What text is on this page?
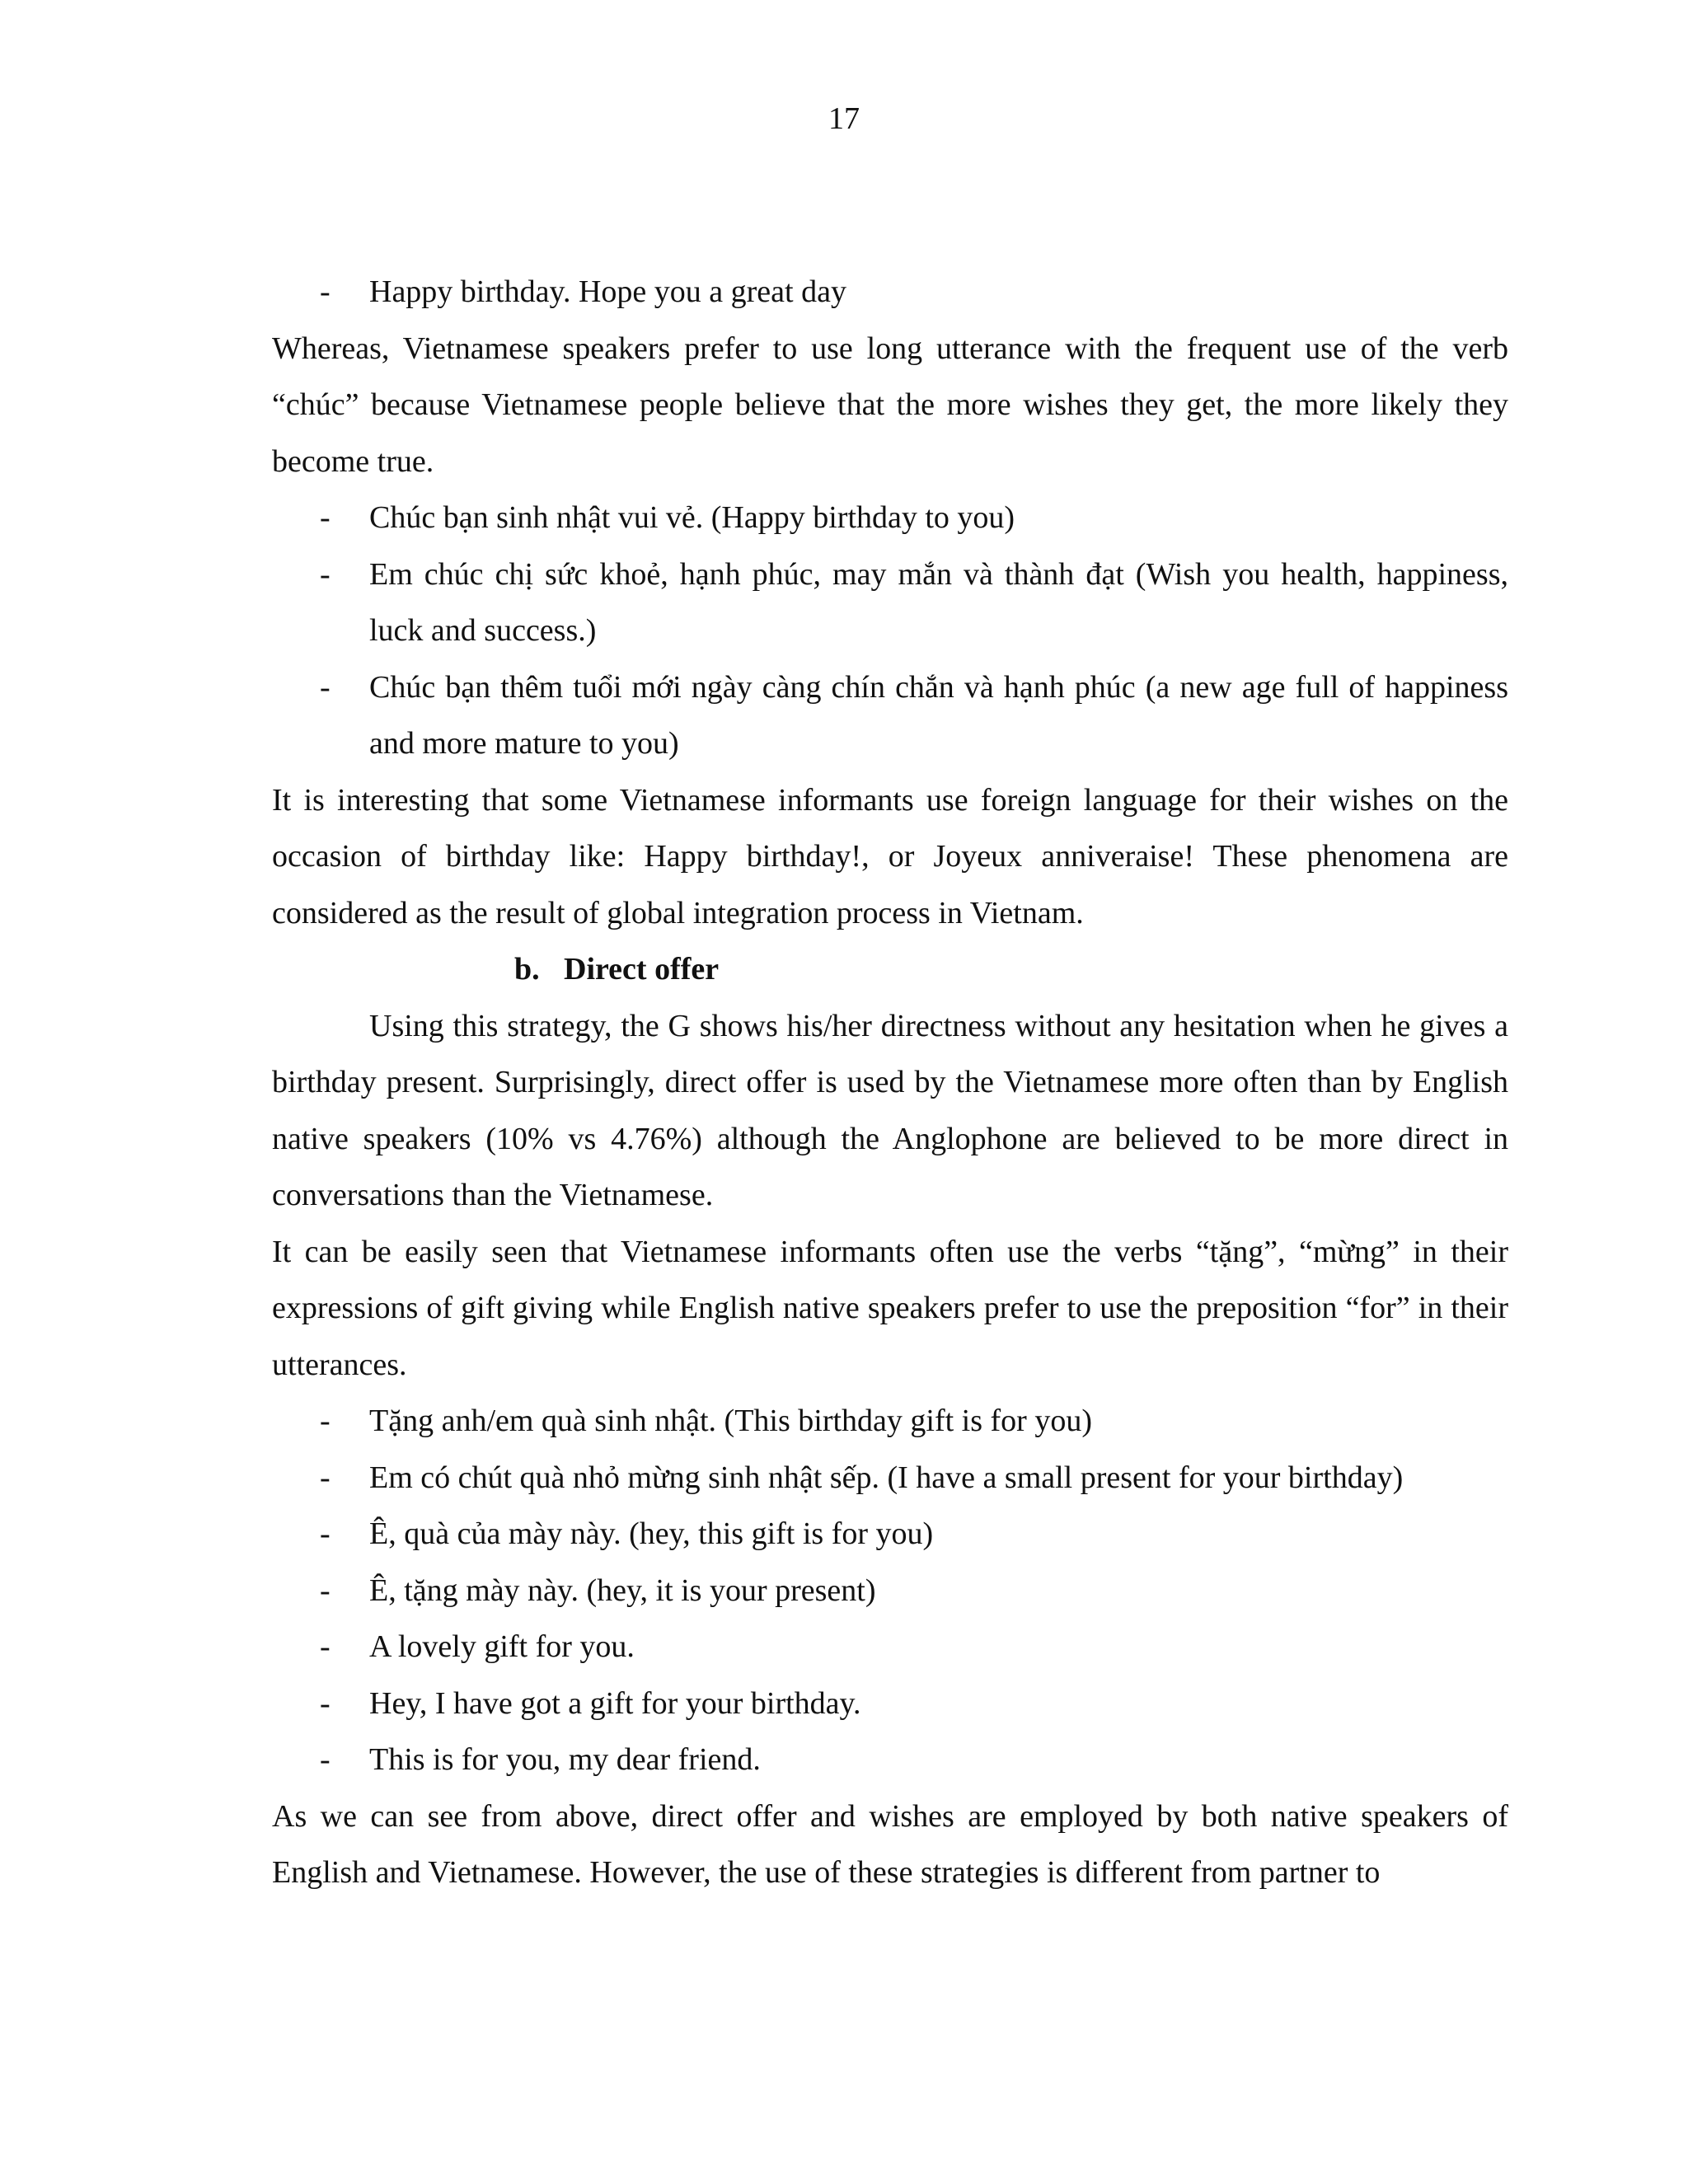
17
- Happy birthday. Hope you a great day

Whereas, Vietnamese speakers prefer to use long utterance with the frequent use of the verb “chúc” because Vietnamese people believe that the more wishes they get, the more likely they become true.

- Chúc bạn sinh nhật vui vẻ. (Happy birthday to you)
- Em chúc chị sức khoẻ, hạnh phúc, may mắn và thành đạt (Wish you health, happiness, luck and success.)
- Chúc bạn thêm tuổi mới ngày càng chín chắn và hạnh phúc (a new age full of happiness and more mature to you)

It is interesting that some Vietnamese informants use foreign language for their wishes on the occasion of birthday like: Happy birthday!, or Joyeux anniveraise! These phenomena are considered as the result of global integration process in Vietnam.

b. Direct offer

Using this strategy, the G shows his/her directness without any hesitation when he gives a birthday present. Surprisingly, direct offer is used by the Vietnamese more often than by English native speakers (10% vs 4.76%) although the Anglophone are believed to be more direct in conversations than the Vietnamese.

It can be easily seen that Vietnamese informants often use the verbs “tặng”, “mừng” in their expressions of gift giving while English native speakers prefer to use the preposition “for” in their utterances.

- Tặng anh/em quà sinh nhật. (This birthday gift is for you)
- Em có chút quà nhỏ mừng sinh nhật sếp. (I have a small present for your birthday)
- Ê, quà của mày này. (hey, this gift is for you)
- Ê, tặng mày này. (hey, it is your present)
- A lovely gift for you.
- Hey, I have got a gift for your birthday.
- This is for you, my dear friend.

As we can see from above, direct offer and wishes are employed by both native speakers of English and Vietnamese. However, the use of these strategies is different from partner to
